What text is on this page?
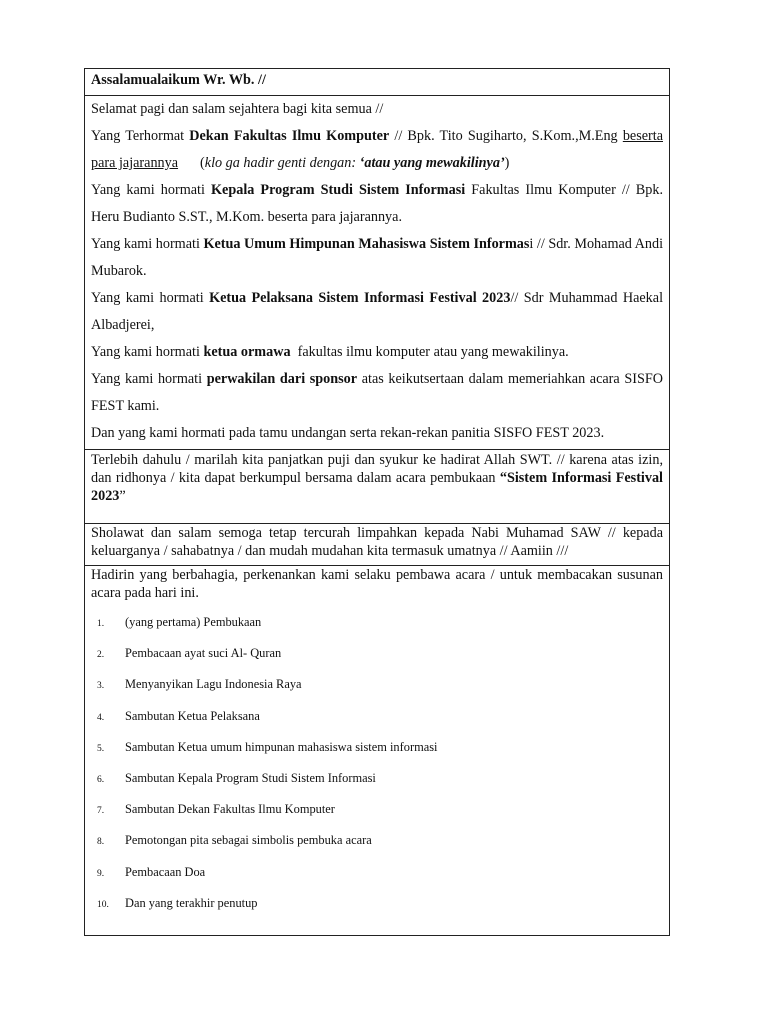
Assalamualaikum Wr. Wb. //

Selamat pagi dan salam sejahtera bagi kita semua //

Yang Terhormat Dekan Fakultas Ilmu Komputer // Bpk. Tito Sugiharto, S.Kom.,M.Eng beserta para jajarannya (klo ga hadir genti dengan: ‘atau yang mewakilinya’)

Yang kami hormati Kepala Program Studi Sistem Informasi Fakultas Ilmu Komputer // Bpk. Heru Budianto S.ST., M.Kom. beserta para jajarannya.

Yang kami hormati Ketua Umum Himpunan Mahasiswa Sistem Informasi // Sdr. Mohamad Andi Mubarok.

Yang kami hormati Ketua Pelaksana Sistem Informasi Festival 2023// Sdr Muhammad Haekal Albadjerei,

Yang kami hormati ketua ormawa fakultas ilmu komputer atau yang mewakilinya.

Yang kami hormati perwakilan dari sponsor atas keikutsertaan dalam memeriahkan acara SISFO FEST kami.

Dan yang kami hormati pada tamu undangan serta rekan-rekan panitia SISFO FEST 2023.

Terlebih dahulu / marilah kita panjatkan puji dan syukur ke hadirat Allah SWT. // karena atas izin, dan ridhonya / kita dapat berkumpul bersama dalam acara pembukaan “Sistem Informasi Festival 2023”

Sholawat dan salam semoga tetap tercurah limpahkan kepada Nabi Muhamad SAW // kepada keluarganya / sahabatnya / dan mudah mudahan kita termasuk umatnya // Aamiin ///

Hadirin yang berbahagia, perkenankan kami selaku pembawa acara / untuk membacakan susunan acara pada hari ini.

1.	(yang pertama) Pembukaan
2.	Pembacaan ayat suci Al- Quran
3.	Menyanyikan Lagu Indonesia Raya
4.	Sambutan Ketua Pelaksana
5.	Sambutan Ketua umum himpunan mahasiswa sistem informasi
6.	Sambutan Kepala Program Studi Sistem Informasi
7.	Sambutan Dekan Fakultas Ilmu Komputer
8.	Pemotongan pita sebagai simbolis pembuka acara
9.	Pembacaan Doa
10.	Dan yang terakhir penutup
